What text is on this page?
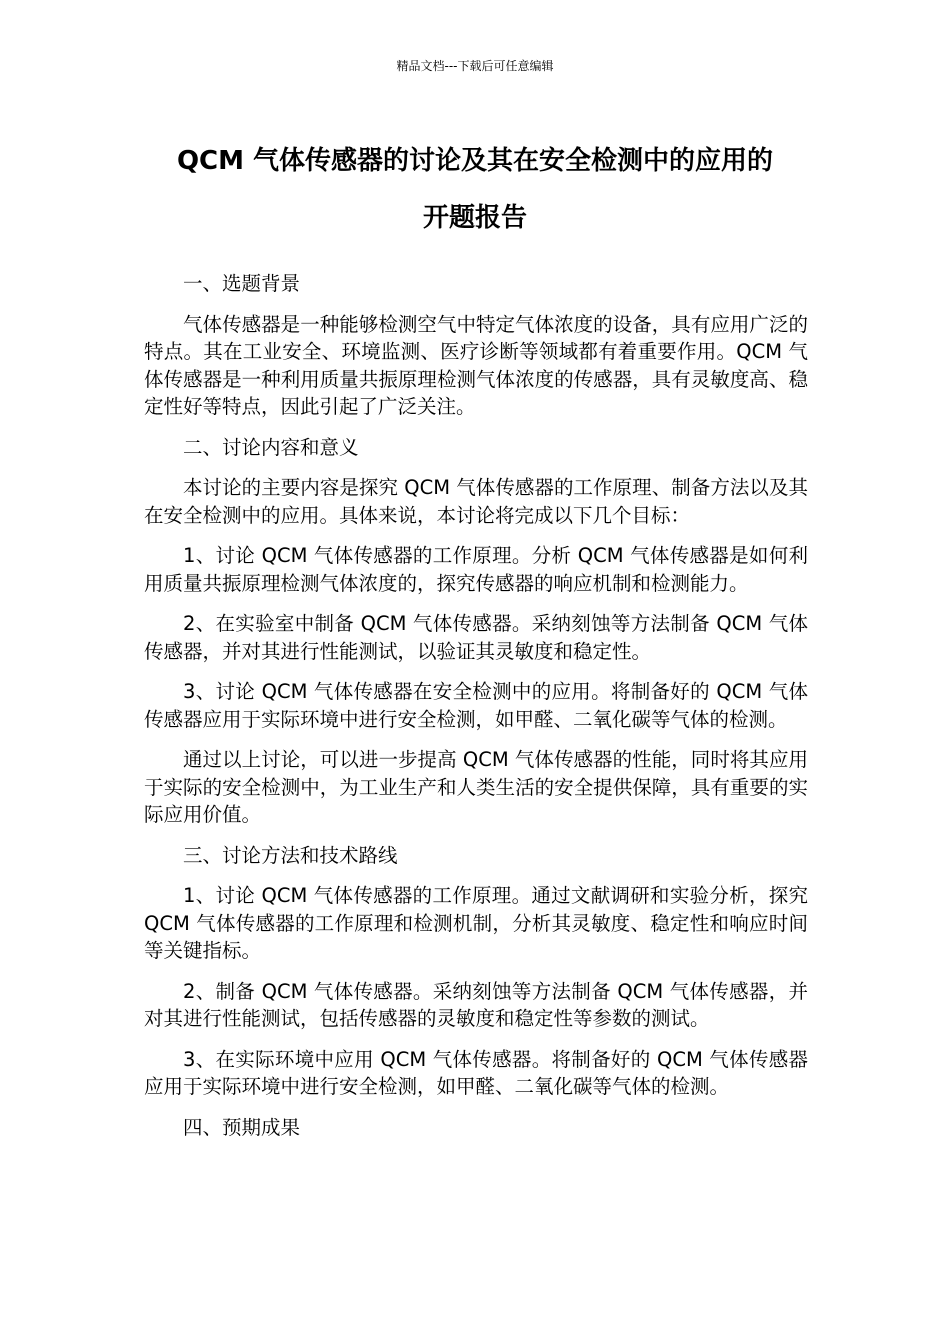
精品文档---下载后可任意编辑
QCM 气体传感器的讨论及其在安全检测中的应用的
开题报告

一、选题背景

气体传感器是一种能够检测空气中特定气体浓度的设备，具有应用广泛的特点。其在工业安全、环境监测、医疗诊断等领域都有着重要作用。QCM 气体传感器是一种利用质量共振原理检测气体浓度的传感器，具有灵敏度高、稳定性好等特点，因此引起了广泛关注。

二、讨论内容和意义

本讨论的主要内容是探究 QCM 气体传感器的工作原理、制备方法以及其在安全检测中的应用。具体来说，本讨论将完成以下几个目标：

1、讨论 QCM 气体传感器的工作原理。分析 QCM 气体传感器是如何利用质量共振原理检测气体浓度的，探究传感器的响应机制和检测能力。

2、在实验室中制备 QCM 气体传感器。采纳刻蚀等方法制备 QCM 气体传感器，并对其进行性能测试，以验证其灵敏度和稳定性。

3、讨论 QCM 气体传感器在安全检测中的应用。将制备好的 QCM 气体传感器应用于实际环境中进行安全检测，如甲醛、二氧化碳等气体的检测。

通过以上讨论，可以进一步提高 QCM 气体传感器的性能，同时将其应用于实际的安全检测中，为工业生产和人类生活的安全提供保障，具有重要的实际应用价值。

三、讨论方法和技术路线

1、讨论 QCM 气体传感器的工作原理。通过文献调研和实验分析，探究 QCM 气体传感器的工作原理和检测机制，分析其灵敏度、稳定性和响应时间等关键指标。

2、制备 QCM 气体传感器。采纳刻蚀等方法制备 QCM 气体传感器，并对其进行性能测试，包括传感器的灵敏度和稳定性等参数的测试。

3、在实际环境中应用 QCM 气体传感器。将制备好的 QCM 气体传感器应用于实际环境中进行安全检测，如甲醛、二氧化碳等气体的检测。

四、预期成果
